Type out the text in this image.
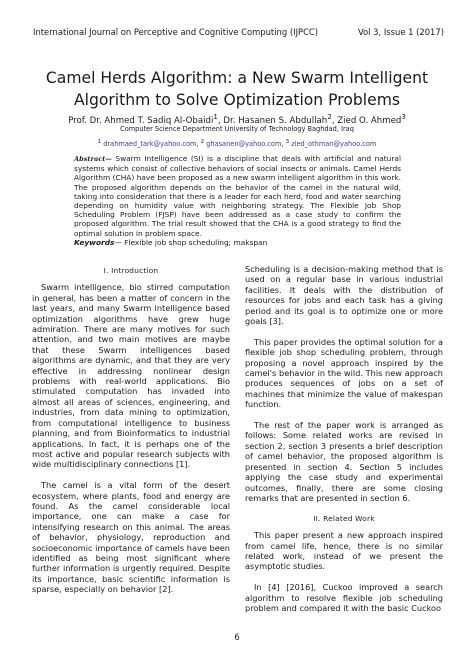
International Journal on Perceptive and Cognitive Computing (IJPCC)	Vol 3, Issue 1 (2017)
Camel Herds Algorithm: a New Swarm Intelligent Algorithm to Solve Optimization Problems
Prof. Dr. Ahmed T. Sadiq Al-Obaidi$^1$, Dr. Hasanen S. Abdullah$^2$, Zied O. Ahmed$^3$
Computer Science Department University of Technology Baghdad, Iraq
$^1$ drahmaed_tark@yahoo.com, $^2$ ghasanen@yahoo.com, $^3$ zied_othman@yahoo.com
Abstract— Swarm Intelligence (SI) is a discipline that deals with artificial and natural systems which consist of collective behaviors of social insects or animals. Camel Herds Algorithm (CHA) have been proposed as a new swarm intelligent algorithm in this work. The proposed algorithm depends on the behavior of the camel in the natural wild, taking into consideration that there is a leader for each herd, food and water searching depending on humidity value with neighboring strategy. The Flexible Job Shop Scheduling Problem (FJSP) have been addressed as a case study to confirm the proposed algorithm. The trial result showed that the CHA is a good strategy to find the optimal solution in problem space.
Keywords— Flexible job shop scheduling; makspan
I. Introduction

Swarm intelligence, bio stirred computation in general, has been a matter of concern in the last years, and many Swarm intelligence based optimization algorithms have grew huge admiration. There are many motives for such attention, and two main motives are maybe that these Swarm intelligences based algorithms are dynamic, and that they are very effective in addressing nonlinear design problems with real-world applications. Bio stimulated computation has invaded into almost all areas of sciences, engineering, and industries, from data mining to optimization, from computational intelligence to business planning, and from Bioinformatics to industrial applications. In fact, it is perhaps one of the most active and popular research subjects with wide multidisciplinary connections [1].

The camel is a vital form of the desert ecosystem, where plants, food and energy are found. As the camel considerable local importance, one can make a case for intensifying research on this animal. The areas of behavior, physiology, reproduction and socioeconomic importance of camels have been identified as being most significant where further information is urgently required. Despite its importance, basic scientific information is sparse, especially on behavior [2].

Scheduling is a decision-making method that is used on a regular base in various industrial facilities. It deals with the distribution of resources for jobs and each task has a giving period and its goal is to optimize one or more goals [3].

This paper provides the optimal solution for a flexible job shop scheduling problem, through proposing a novel approach inspired by the camel's behavior in the wild. This new approach produces sequences of jobs on a set of machines that minimize the value of makespan function.

The rest of the paper work is arranged as follows: Some related works are revised in section 2, section 3 presents a brief description of camel behavior, the proposed algorithm is presented in section 4. Section 5 includes applying the case study and experimental outcomes, finally, there are some closing remarks that are presented in section 6.

II. Related Work

This paper present a new approach inspired from camel life, hence, there is no similar related work, instead of we present the asymptotic studies.

In [4] [2016], Cuckoo improved a search algorithm to resolve flexible job scheduling problem and compared it with the basic Cuckoo

6
